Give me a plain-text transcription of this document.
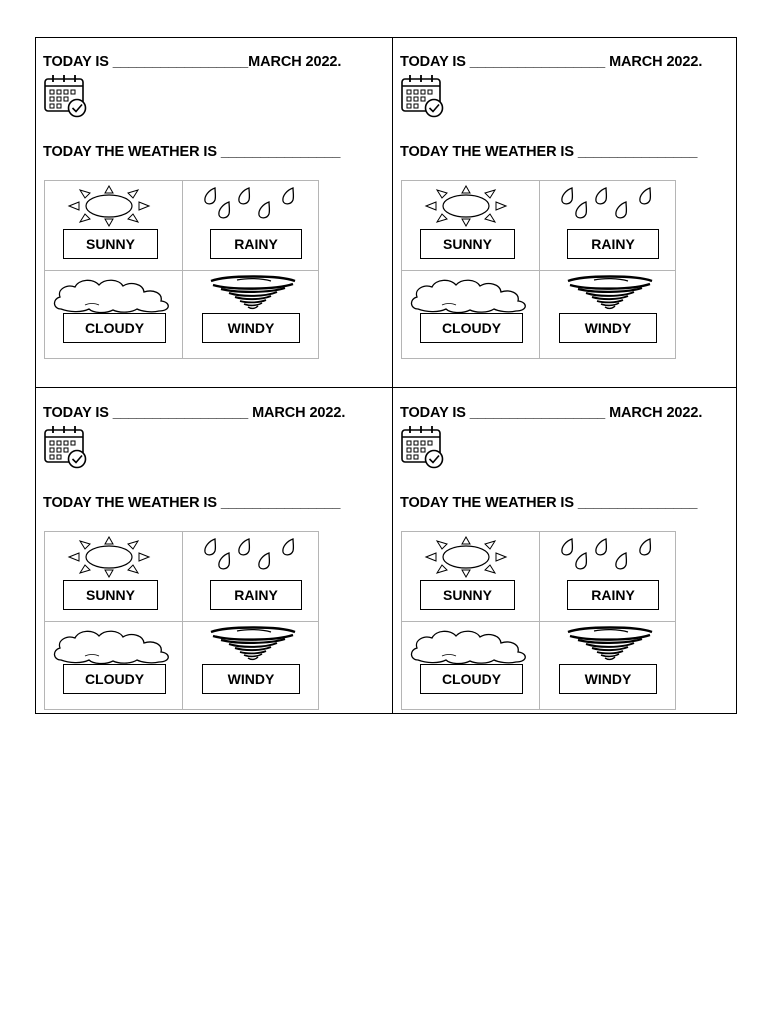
TODAY IS _________________MARCH 2022.
TODAY THE WEATHER IS _______________
SUNNY	RAINY
CLOUDY	WINDY
TODAY IS _________________ MARCH 2022.
TODAY THE WEATHER IS _______________
SUNNY	RAINY
CLOUDY	WINDY
TODAY IS _________________ MARCH 2022.
TODAY THE WEATHER IS _______________
SUNNY	RAINY
CLOUDY	WINDY
TODAY IS _________________ MARCH 2022.
TODAY THE WEATHER IS _______________
SUNNY	RAINY
CLOUDY	WINDY
